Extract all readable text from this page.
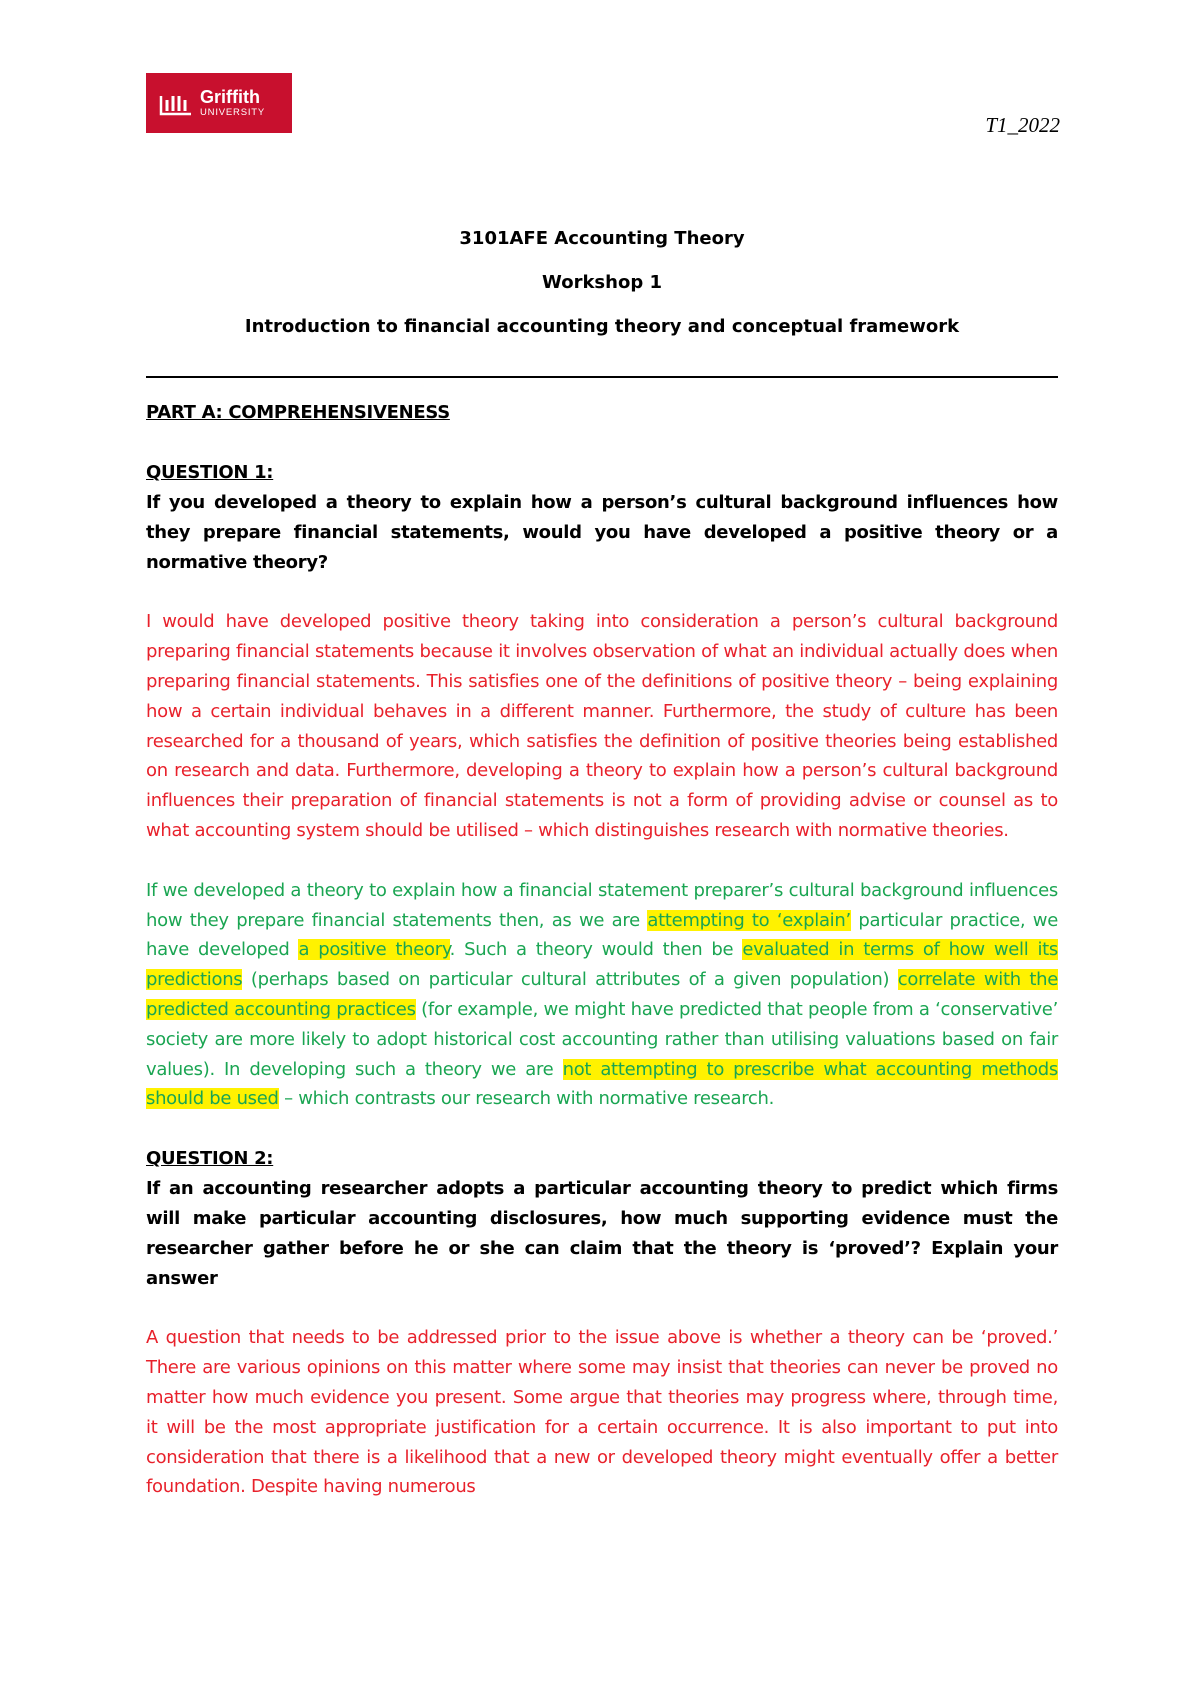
Griffith
UNIVERSITY
T1_2022

3101AFE Accounting Theory

Workshop 1

Introduction to financial accounting theory and conceptual framework

PART A: COMPREHENSIVENESS

QUESTION 1:

If you developed a theory to explain how a person’s cultural background influences how they prepare financial statements, would you have developed a positive theory or a normative theory?

I would have developed positive theory taking into consideration a person’s cultural background preparing financial statements because it involves observation of what an individual actually does when preparing financial statements. This satisfies one of the definitions of positive theory – being explaining how a certain individual behaves in a different manner. Furthermore, the study of culture has been researched for a thousand of years, which satisfies the definition of positive theories being established on research and data. Furthermore, developing a theory to explain how a person’s cultural background influences their preparation of financial statements is not a form of providing advise or counsel as to what accounting system should be utilised – which distinguishes research with normative theories.

If we developed a theory to explain how a financial statement preparer’s cultural background influences how they prepare financial statements then, as we are attempting to ‘explain’ particular practice, we have developed a positive theory. Such a theory would then be evaluated in terms of how well its predictions (perhaps based on particular cultural attributes of a given population) correlate with the predicted accounting practices (for example, we might have predicted that people from a ‘conservative’ society are more likely to adopt historical cost accounting rather than utilising valuations based on fair values). In developing such a theory we are not attempting to prescribe what accounting methods should be used – which contrasts our research with normative research.

QUESTION 2:

If an accounting researcher adopts a particular accounting theory to predict which firms will make particular accounting disclosures, how much supporting evidence must the researcher gather before he or she can claim that the theory is ‘proved’? Explain your answer

A question that needs to be addressed prior to the issue above is whether a theory can be ‘proved.’ There are various opinions on this matter where some may insist that theories can never be proved no matter how much evidence you present. Some argue that theories may progress where, through time, it will be the most appropriate justification for a certain occurrence. It is also important to put into consideration that there is a likelihood that a new or developed theory might eventually offer a better foundation. Despite having numerous
